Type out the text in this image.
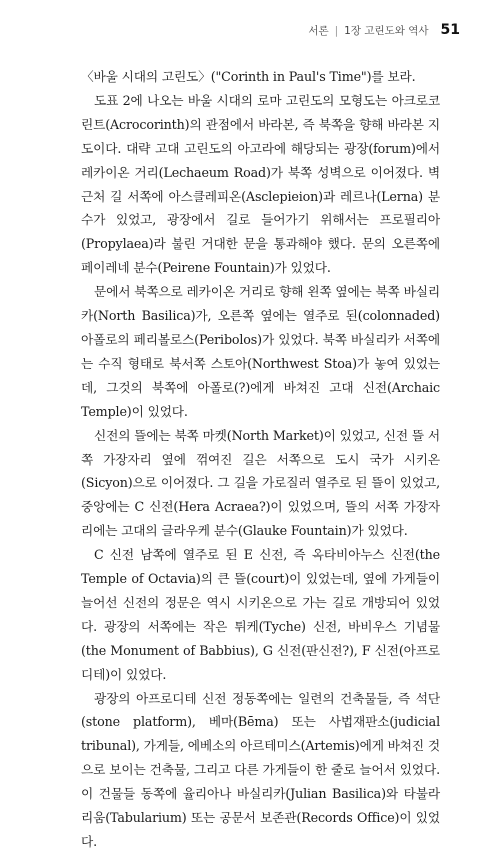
서론 | 1장 고린도와 역사 51

〈바울 시대의 고린도〉("Corinth in Paul's Time")를 보라.

도표 2에 나오는 바울 시대의 로마 고린도의 모형도는 아크로코린트(Acrocorinth)의 관점에서 바라본, 즉 북쪽을 향해 바라본 지도이다. 대략 고대 고린도의 아고라에 해당되는 광장(forum)에서 레카이온 거리(Lechaeum Road)가 북쪽 성벽으로 이어졌다. 벽 근처 길 서쪽에 아스클레피온(Asclepieion)과 레르나(Lerna) 분수가 있었고, 광장에서 길로 들어가기 위해서는 프로필리아(Propylaea)라 불린 거대한 문을 통과해야 했다. 문의 오른쪽에 페이레네 분수(Peirene Fountain)가 있었다.

문에서 북쪽으로 레카이온 거리로 향해 왼쪽 옆에는 북쪽 바실리카(North Basilica)가, 오른쪽 옆에는 열주로 된(colonnaded) 아폴로의 페리볼로스(Peribolos)가 있었다. 북쪽 바실리카 서쪽에는 수직 형태로 북서쪽 스토아(Northwest Stoa)가 놓여 있었는데, 그것의 북쪽에 아폴로(?)에게 바쳐진 고대 신전(Archaic Temple)이 있었다.

신전의 뜰에는 북쪽 마켓(North Market)이 있었고, 신전 뜰 서쪽 가장자리 옆에 꺾여진 길은 서쪽으로 도시 국가 시키온(Sicyon)으로 이어졌다. 그 길을 가로질러 열주로 된 뜰이 있었고, 중앙에는 C 신전(Hera Acraea?)이 있었으며, 뜰의 서쪽 가장자리에는 고대의 글라우케 분수(Glauke Fountain)가 있었다.

C 신전 남쪽에 열주로 된 E 신전, 즉 옥타비아누스 신전(the Temple of Octavia)의 큰 뜰(court)이 있었는데, 옆에 가게들이 늘어선 신전의 정문은 역시 시키온으로 가는 길로 개방되어 있었다. 광장의 서쪽에는 작은 튀케(Tyche) 신전, 바비우스 기념물(the Monument of Babbius), G 신전(판신전?), F 신전(아프로디테)이 있었다.

광장의 아프로디테 신전 정동쪽에는 일련의 건축물들, 즉 석단(stone platform), 베마(Bēma) 또는 사법재판소(judicial tribunal), 가게들, 에베소의 아르테미스(Artemis)에게 바쳐진 것으로 보이는 건축물, 그리고 다른 가게들이 한 줄로 늘어서 있었다. 이 건물들 동쪽에 율리아나 바실리카(Julian Basilica)와 타불라리움(Tabularium) 또는 공문서 보존관(Records Office)이 있었다.
